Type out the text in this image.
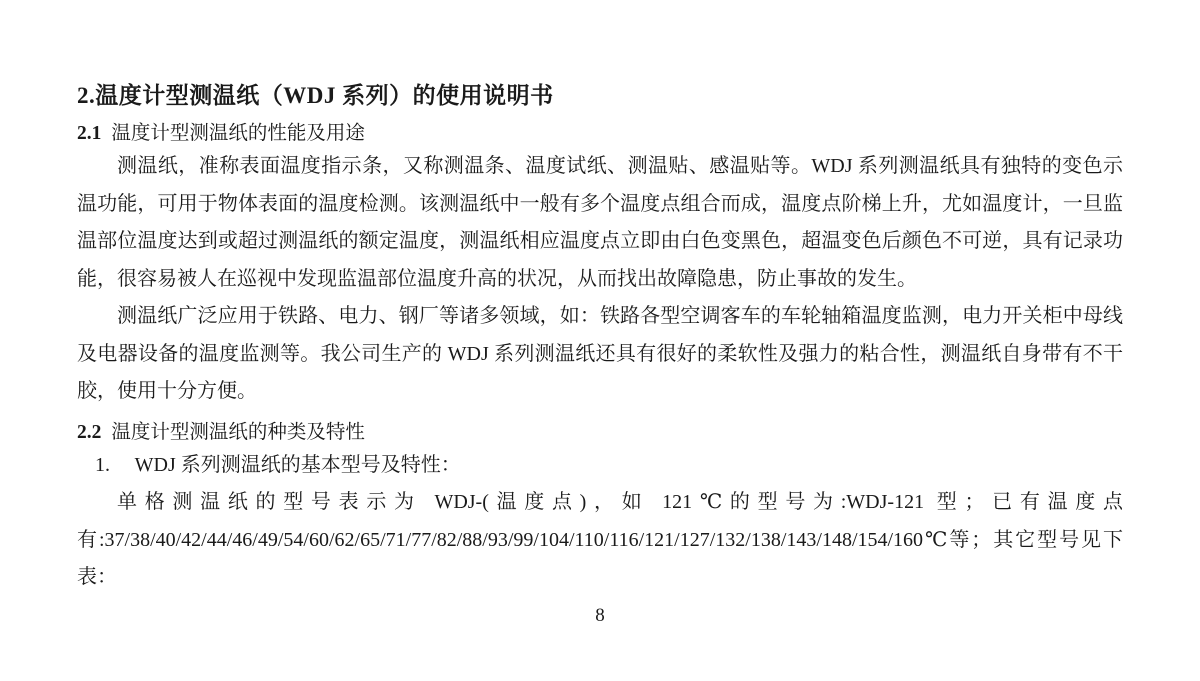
2.温度计型测温纸（WDJ 系列）的使用说明书
2.1 温度计型测温纸的性能及用途

测温纸，准称表面温度指示条，又称测温条、温度试纸、测温贴、感温贴等。WDJ 系列测温纸具有独特的变色示温功能，可用于物体表面的温度检测。该测温纸中一般有多个温度点组合而成，温度点阶梯上升，尤如温度计，一旦监温部位温度达到或超过测温纸的额定温度，测温纸相应温度点立即由白色变黑色，超温变色后颜色不可逆，具有记录功能，很容易被人在巡视中发现监温部位温度升高的状况，从而找出故障隐患，防止事故的发生。

测温纸广泛应用于铁路、电力、钢厂等诸多领域，如：铁路各型空调客车的车轮轴箱温度监测，电力开关柜中母线及电器设备的温度监测等。我公司生产的 WDJ 系列测温纸还具有很好的柔软性及强力的粘合性，测温纸自身带有不干胶，使用十分方便。

2.2 温度计型测温纸的种类及特性

1.　 WDJ 系列测温纸的基本型号及特性：

单格测温纸的型号表示为 WDJ-(温度点)，如 121℃的型号为:WDJ-121 型；已有温度点有:37/38/40/42/44/46/49/54/60/62/65/71/77/82/88/93/99/104/110/116/121/127/132/138/143/148/154/160℃等；其它型号见下表：

8
